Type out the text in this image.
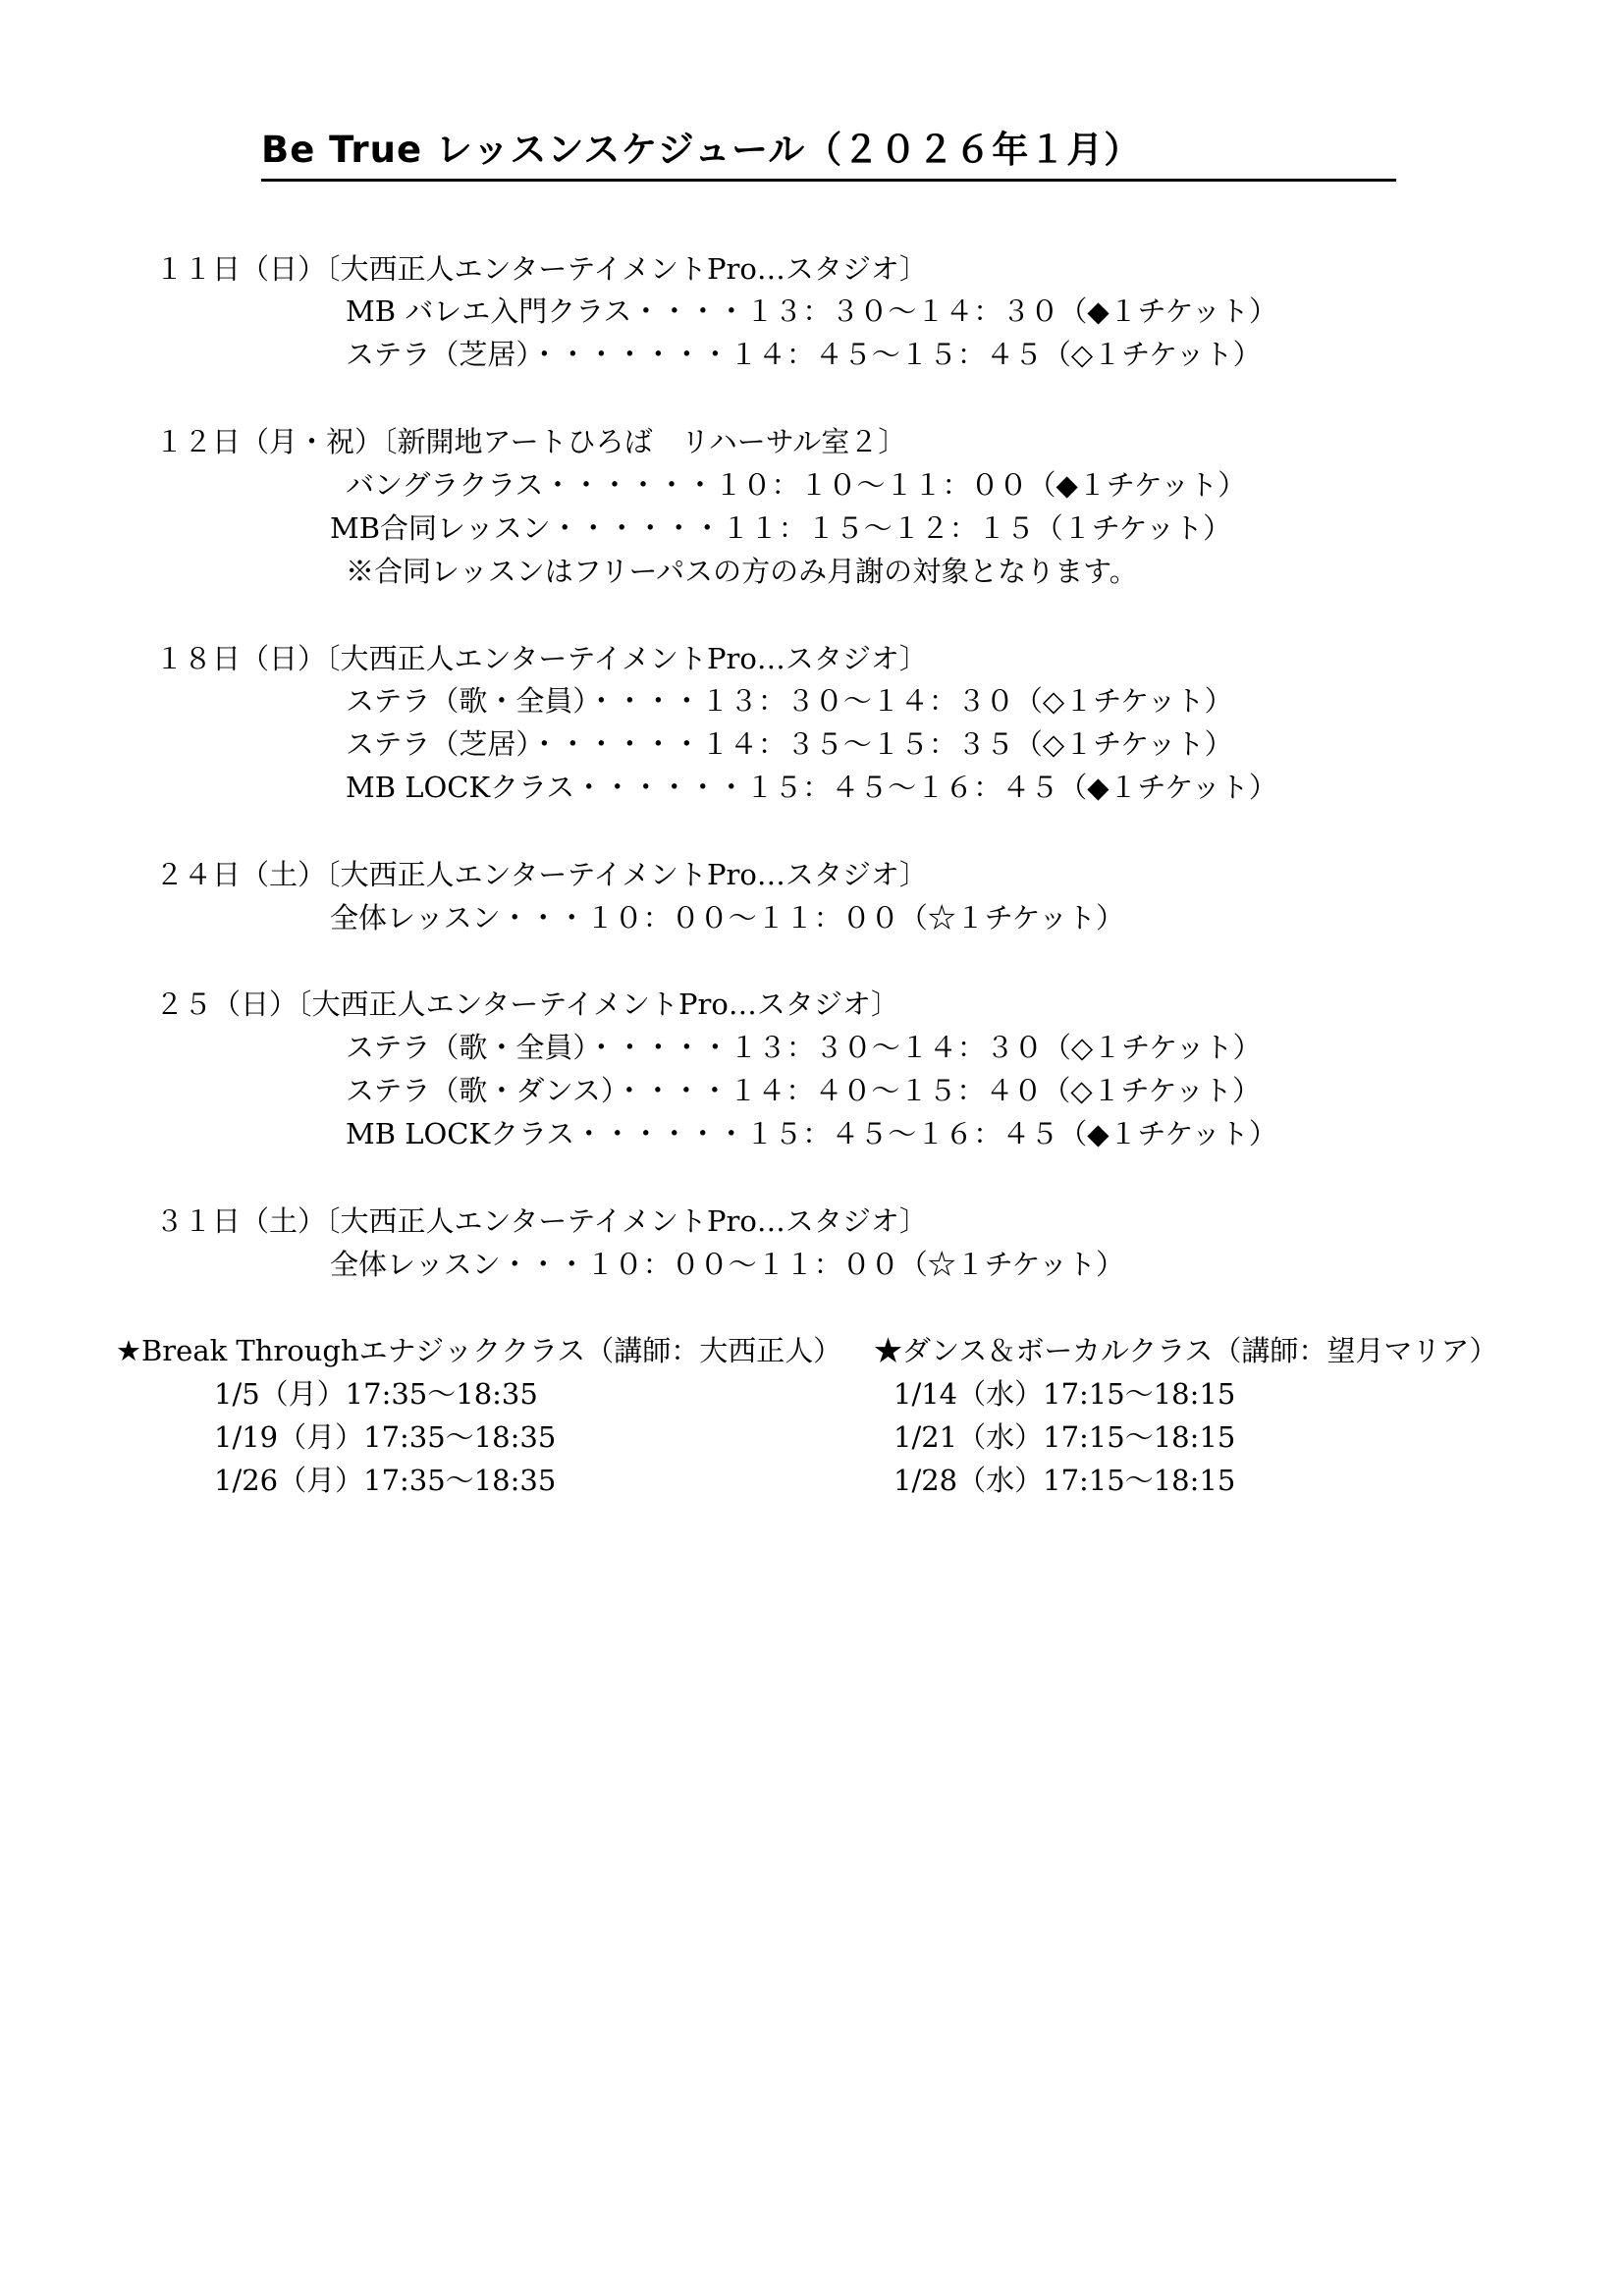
Be True レッスンスケジュール（２０２６年１月）

１１日（日）〔大西正人エンターテイメントPro…スタジオ〕

MB バレエ入門クラス・・・・１３：３０～１４：３０（◆１チケット）

ステラ（芝居）・・・・・・・１４：４５～１５：４５（◇１チケット）

１２日（月・祝）〔新開地アートひろば　リハーサル室２〕

バングラクラス・・・・・・１０：１０～１１：００（◆１チケット）

MB合同レッスン・・・・・・１１：１５～１２：１５（１チケット）

※合同レッスンはフリーパスの方のみ月謝の対象となります。

１８日（日）〔大西正人エンターテイメントPro…スタジオ〕

ステラ（歌・全員）・・・・１３：３０～１４：３０（◇１チケット）

ステラ（芝居）・・・・・・１４：３５～１５：３５（◇１チケット）

MB LOCKクラス・・・・・・１５：４５～１６：４５（◆１チケット）

２４日（土）〔大西正人エンターテイメントPro…スタジオ〕

全体レッスン・・・１０：００～１１：００（☆１チケット）

２５（日）〔大西正人エンターテイメントPro…スタジオ〕

ステラ（歌・全員）・・・・・１３：３０～１４：３０（◇１チケット）

ステラ（歌・ダンス）・・・・１４：４０～１５：４０（◇１チケット）

MB LOCKクラス・・・・・・１５：４５～１６：４５（◆１チケット）

３１日（土）〔大西正人エンターテイメントPro…スタジオ〕

全体レッスン・・・１０：００～１１：００（☆１チケット）

★Break Throughエナジッククラス（講師：大西正人） ★ダンス＆ボーカルクラス（講師：望月マリア）

1/5（月）17:35～18:35

1/19（月）17:35～18:35

1/26（月）17:35～18:35

1/14（水）17:15～18:15

1/21（水）17:15～18:15

1/28（水）17:15～18:15
